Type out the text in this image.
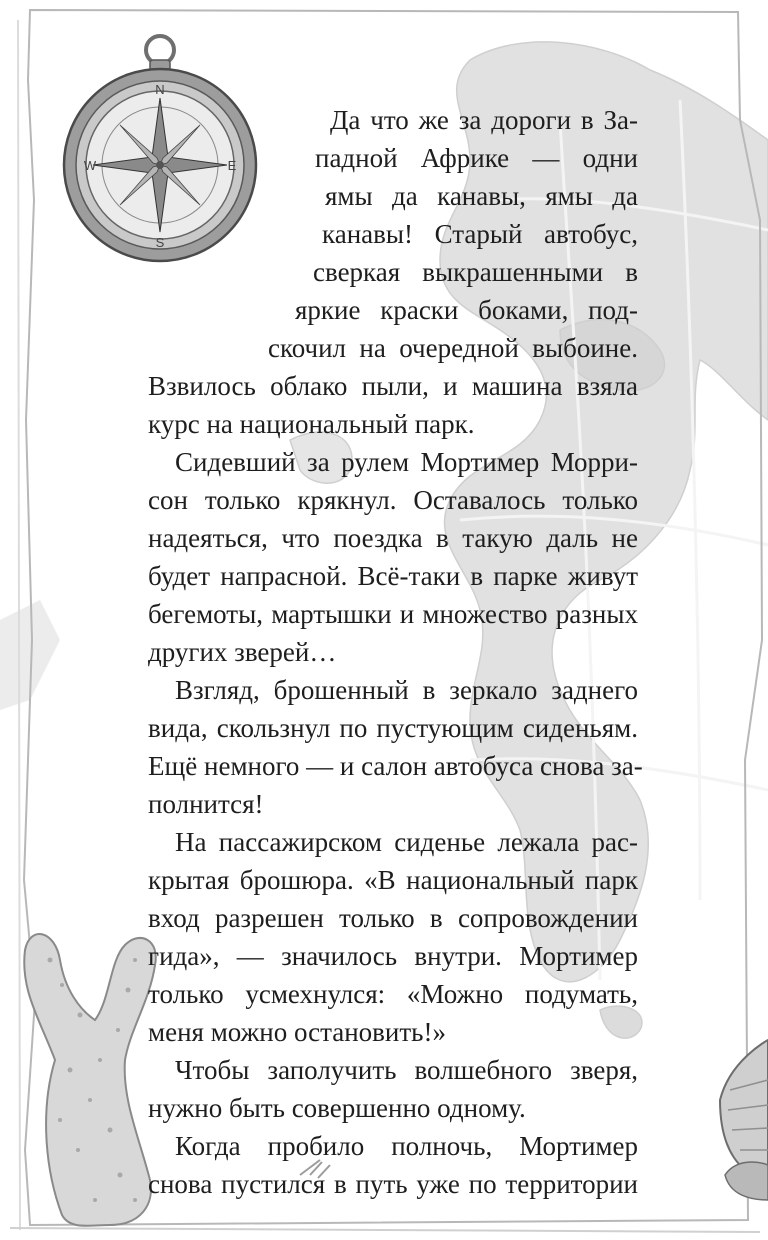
N
S
E
W
Да что же за дороги в За-
падной Африке — одни
ямы да канавы, ямы да
канавы! Старый автобус,
сверкая выкрашенными в
яркие краски боками, под-
скочил на очередной выбоине.
Взвилось облако пыли, и машина взяла
курс на национальный парк.
Сидевший за рулем Мортимер Морри-
сон только крякнул. Оставалось только
надеяться, что поездка в такую даль не
будет напрасной. Всё-таки в парке живут
бегемоты, мартышки и множество разных
других зверей…
Взгляд, брошенный в зеркало заднего
вида, скользнул по пустующим сиденьям.
Ещё немного — и салон автобуса снова за-
полнится!
На пассажирском сиденье лежала рас-
крытая брошюра. «В национальный парк
вход разрешен только в сопровождении
гида», — значилось внутри. Мортимер
только усмехнулся: «Можно подумать,
меня можно остановить!»
Чтобы заполучить волшебного зверя,
нужно быть совершенно одному.
Когда пробило полночь, Мортимер
снова пустился в путь уже по территории
